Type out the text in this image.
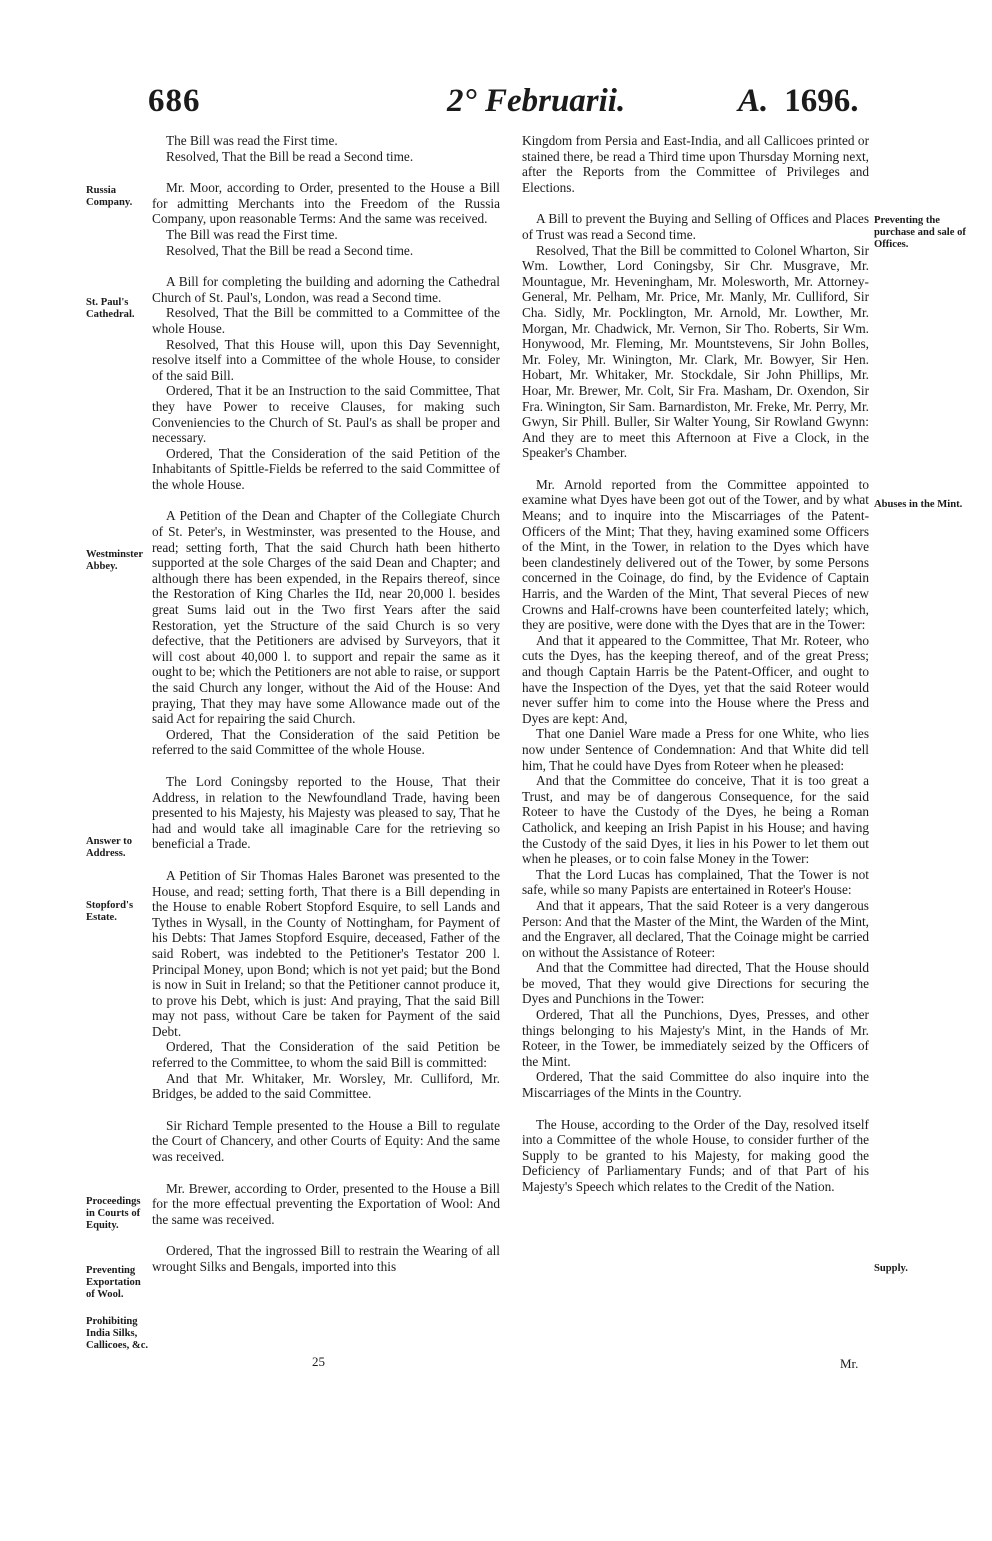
686	2° Februarii.	A. 1696.

The Bill was read the First time.

Resolved, That the Bill be read a Second time.

Mr. Moor, according to Order, presented to the House a Bill for admitting Merchants into the Freedom of the Russia Company, upon reasonable Terms: And the same was received.

The Bill was read the First time.

Resolved, That the Bill be read a Second time.

A Bill for completing the building and adorning the Cathedral Church of St. Paul's, London, was read a Second time.

Resolved, That the Bill be committed to a Committee of the whole House.

Resolved, That this House will, upon this Day Sevennight, resolve itself into a Committee of the whole House, to consider of the said Bill.

Ordered, That it be an Instruction to the said Committee, That they have Power to receive Clauses, for making such Conveniencies to the Church of St. Paul's as shall be proper and necessary.

Ordered, That the Consideration of the said Petition of the Inhabitants of Spittle-Fields be referred to the said Committee of the whole House.

A Petition of the Dean and Chapter of the Collegiate Church of St. Peter's, in Westminster, was presented to the House, and read; setting forth, That the said Church hath been hitherto supported at the sole Charges of the said Dean and Chapter; and although there has been expended, in the Repairs thereof, since the Restoration of King Charles the IId, near 20,000 l. besides great Sums laid out in the Two first Years after the said Restoration, yet the Structure of the said Church is so very defective, that the Petitioners are advised by Surveyors, that it will cost about 40,000 l. to support and repair the same as it ought to be; which the Petitioners are not able to raise, or support the said Church any longer, without the Aid of the House: And praying, That they may have some Allowance made out of the said Act for repairing the said Church.

Ordered, That the Consideration of the said Petition be referred to the said Committee of the whole House.

The Lord Coningsby reported to the House, That their Address, in relation to the Newfoundland Trade, having been presented to his Majesty, his Majesty was pleased to say, That he had and would take all imaginable Care for the retrieving so beneficial a Trade.

A Petition of Sir Thomas Hales Baronet was presented to the House, and read; setting forth, That there is a Bill depending in the House to enable Robert Stopford Esquire, to sell Lands and Tythes in Wysall, in the County of Nottingham, for Payment of his Debts: That James Stopford Esquire, deceased, Father of the said Robert, was indebted to the Petitioner's Testator 200 l. Principal Money, upon Bond; which is not yet paid; but the Bond is now in Suit in Ireland; so that the Petitioner cannot produce it, to prove his Debt, which is just: And praying, That the said Bill may not pass, without Care be taken for Payment of the said Debt.

Ordered, That the Consideration of the said Petition be referred to the Committee, to whom the said Bill is committed:

And that Mr. Whitaker, Mr. Worsley, Mr. Culliford, Mr. Bridges, be added to the said Committee.

Sir Richard Temple presented to the House a Bill to regulate the Court of Chancery, and other Courts of Equity: And the same was received.

Mr. Brewer, according to Order, presented to the House a Bill for the more effectual preventing the Exportation of Wool: And the same was received.

Ordered, That the ingrossed Bill to restrain the Wearing of all wrought Silks and Bengals, imported into this

Kingdom from Persia and East-India, and all Callicoes printed or stained there, be read a Third time upon Thursday Morning next, after the Reports from the Committee of Privileges and Elections.

A Bill to prevent the Buying and Selling of Offices and Places of Trust was read a Second time.

Resolved, That the Bill be committed to Colonel Wharton, Sir Wm. Lowther, Lord Coningsby, Sir Chr. Musgrave, Mr. Mountague, Mr. Heveningham, Mr. Molesworth, Mr. Attorney-General, Mr. Pelham, Mr. Price, Mr. Manly, Mr. Culliford, Sir Cha. Sidly, Mr. Pocklington, Mr. Arnold, Mr. Lowther, Mr. Morgan, Mr. Chadwick, Mr. Vernon, Sir Tho. Roberts, Sir Wm. Honywood, Mr. Fleming, Mr. Mountstevens, Sir John Bolles, Mr. Foley, Mr. Winington, Mr. Clark, Mr. Bowyer, Sir Hen. Hobart, Mr. Whitaker, Mr. Stockdale, Sir John Phillips, Mr. Hoar, Mr. Brewer, Mr. Colt, Sir Fra. Masham, Dr. Oxendon, Sir Fra. Winington, Sir Sam. Barnardiston, Mr. Freke, Mr. Perry, Mr. Gwyn, Sir Phill. Buller, Sir Walter Young, Sir Rowland Gwynn: And they are to meet this Afternoon at Five a Clock, in the Speaker's Chamber.

Mr. Arnold reported from the Committee appointed to examine what Dyes have been got out of the Tower, and by what Means; and to inquire into the Miscarriages of the Patent-Officers of the Mint; That they, having examined some Officers of the Mint, in the Tower, in relation to the Dyes which have been clandestinely delivered out of the Tower, by some Persons concerned in the Coinage, do find, by the Evidence of Captain Harris, and the Warden of the Mint, That several Pieces of new Crowns and Half-crowns have been counterfeited lately; which, they are positive, were done with the Dyes that are in the Tower:

And that it appeared to the Committee, That Mr. Roteer, who cuts the Dyes, has the keeping thereof, and of the great Press; and though Captain Harris be the Patent-Officer, and ought to have the Inspection of the Dyes, yet that the said Roteer would never suffer him to come into the House where the Press and Dyes are kept: And,

That one Daniel Ware made a Press for one White, who lies now under Sentence of Condemnation: And that White did tell him, That he could have Dyes from Roteer when he pleased:

And that the Committee do conceive, That it is too great a Trust, and may be of dangerous Consequence, for the said Roteer to have the Custody of the Dyes, he being a Roman Catholick, and keeping an Irish Papist in his House; and having the Custody of the said Dyes, it lies in his Power to let them out when he pleases, or to coin false Money in the Tower:

That the Lord Lucas has complained, That the Tower is not safe, while so many Papists are entertained in Roteer's House:

And that it appears, That the said Roteer is a very dangerous Person: And that the Master of the Mint, the Warden of the Mint, and the Engraver, all declared, That the Coinage might be carried on without the Assistance of Roteer:

And that the Committee had directed, That the House should be moved, That they would give Directions for securing the Dyes and Punchions in the Tower:

Ordered, That all the Punchions, Dyes, Presses, and other things belonging to his Majesty's Mint, in the Hands of Mr. Roteer, in the Tower, be immediately seized by the Officers of the Mint.

Ordered, That the said Committee do also inquire into the Miscarriages of the Mints in the Country.

The House, according to the Order of the Day, resolved itself into a Committee of the whole House, to consider further of the Supply to be granted to his Majesty, for making good the Deficiency of Parliamentary Funds; and of that Part of his Majesty's Speech which relates to the Credit of the Nation.

Russia Company.
St. Paul's Cathedral.
Westminster Abbey.
Answer to Address.
Stopford's Estate.
Proceedings in Courts of Equity.
Preventing Exportation of Wool.
Prohibiting India Silks, Callicoes, &c.
Preventing the purchase and sale of Offices.
Abuses in the Mint.
Supply.
25	Mr.
